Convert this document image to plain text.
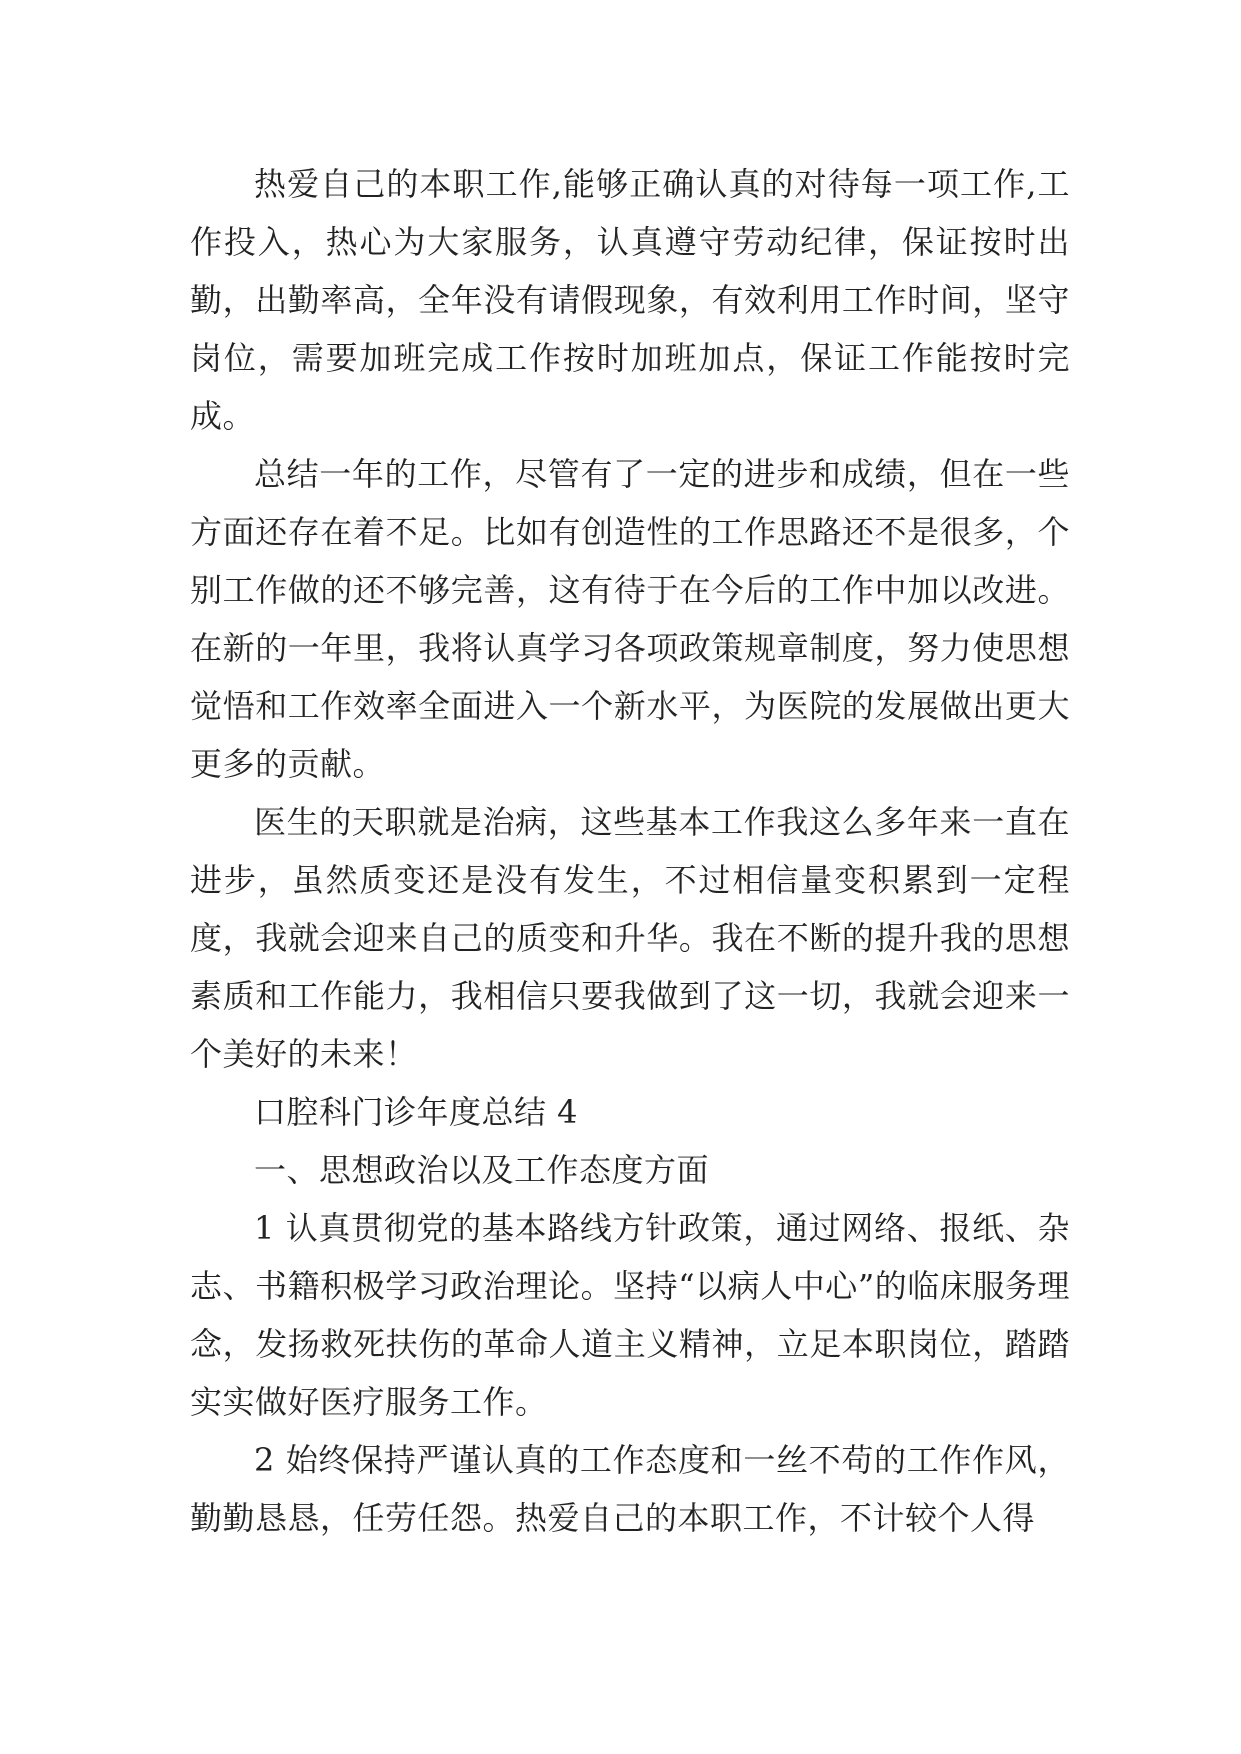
热爱自己的本职工作,能够正确认真的对待每一项工作,工作投入，热心为大家服务，认真遵守劳动纪律，保证按时出勤，出勤率高，全年没有请假现象，有效利用工作时间，坚守岗位，需要加班完成工作按时加班加点，保证工作能按时完成。

总结一年的工作，尽管有了一定的进步和成绩，但在一些方面还存在着不足。比如有创造性的工作思路还不是很多，个别工作做的还不够完善，这有待于在今后的工作中加以改进。在新的一年里，我将认真学习各项政策规章制度，努力使思想觉悟和工作效率全面进入一个新水平，为医院的发展做出更大更多的贡献。

医生的天职就是治病，这些基本工作我这么多年来一直在进步，虽然质变还是没有发生，不过相信量变积累到一定程度，我就会迎来自己的质变和升华。我在不断的提升我的思想素质和工作能力，我相信只要我做到了这一切，我就会迎来一个美好的未来！

口腔科门诊年度总结 4

一、思想政治以及工作态度方面

1 认真贯彻党的基本路线方针政策，通过网络、报纸、杂志、书籍积极学习政治理论。坚持“以病人中心”的临床服务理念，发扬救死扶伤的革命人道主义精神，立足本职岗位，踏踏实实做好医疗服务工作。

2 始终保持严谨认真的工作态度和一丝不苟的工作作风，勤勤恳恳，任劳任怨。热爱自己的本职工作，不计较个人得
